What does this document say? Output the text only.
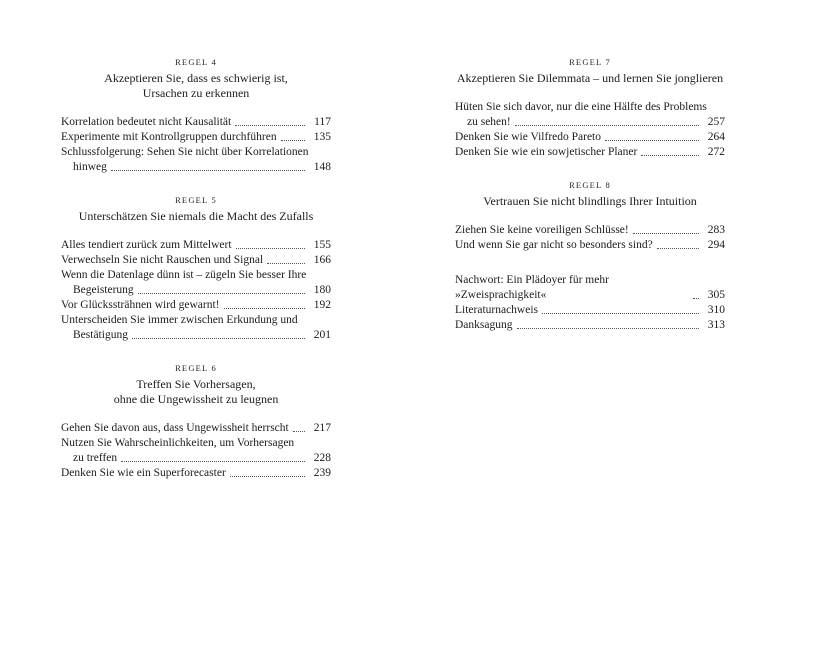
REGEL 4
Akzeptieren Sie, dass es schwierig ist,
Ursachen zu erkennen
Korrelation bedeutet nicht Kausalität	117
Experimente mit Kontrollgruppen durchführen	135
Schlussfolgerung: Sehen Sie nicht über Korrelationen
hinweg	148
REGEL 5
Unterschätzen Sie niemals die Macht des Zufalls
Alles tendiert zurück zum Mittelwert	155
Verwechseln Sie nicht Rauschen und Signal	166
Wenn die Datenlage dünn ist – zügeln Sie besser Ihre
Begeisterung	180
Vor Glückssträhnen wird gewarnt!	192
Unterscheiden Sie immer zwischen Erkundung und
Bestätigung	201
REGEL 6
Treffen Sie Vorhersagen,
ohne die Ungewissheit zu leugnen
Gehen Sie davon aus, dass Ungewissheit herrscht	217
Nutzen Sie Wahrscheinlichkeiten, um Vorhersagen
zu treffen	228
Denken Sie wie ein Superforecaster	239
REGEL 7
Akzeptieren Sie Dilemmata – und lernen Sie jonglieren
Hüten Sie sich davor, nur die eine Hälfte des Problems
zu sehen!	257
Denken Sie wie Vilfredo Pareto	264
Denken Sie wie ein sowjetischer Planer	272
REGEL 8
Vertrauen Sie nicht blindlings Ihrer Intuition
Ziehen Sie keine voreiligen Schlüsse!	283
Und wenn Sie gar nicht so besonders sind?	294
Nachwort: Ein Plädoyer für mehr »Zweisprachigkeit«	305
Literaturnachweis	310
Danksagung	313
